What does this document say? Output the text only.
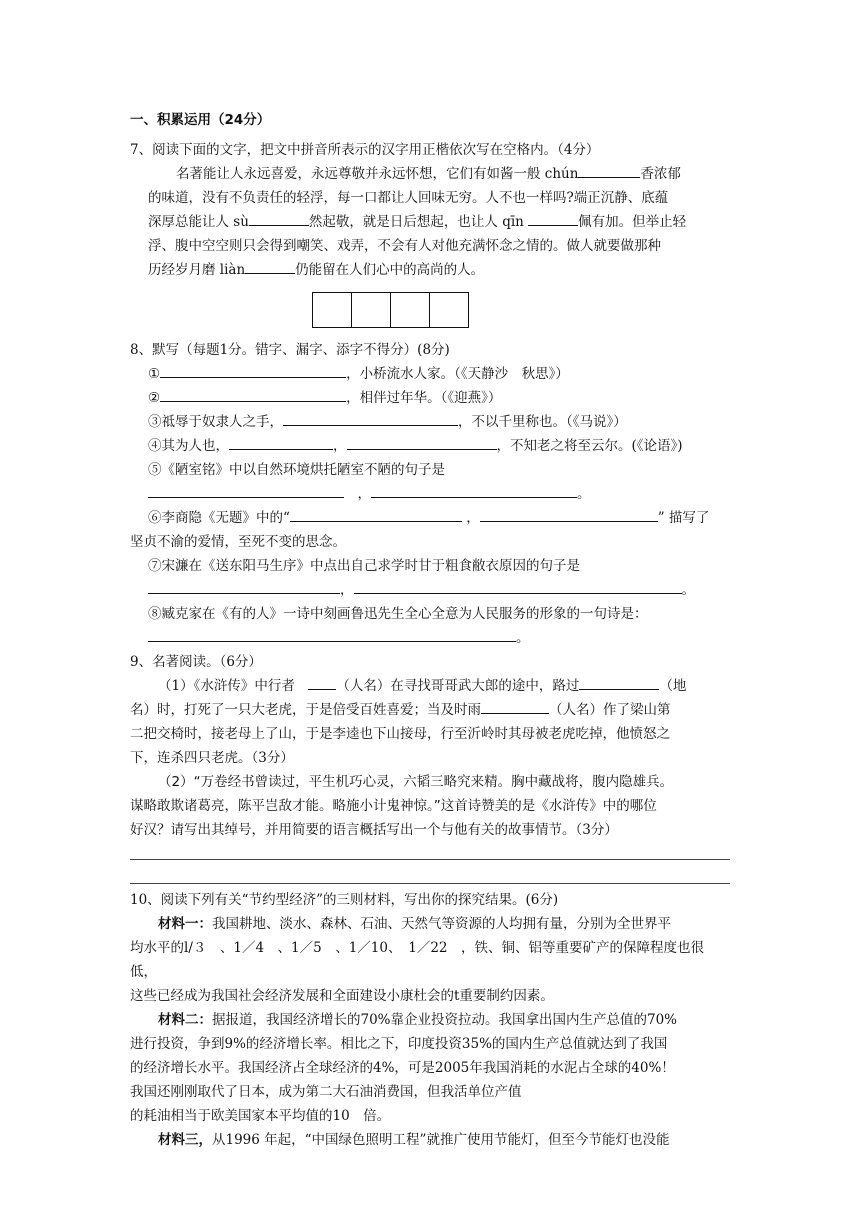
一、积累运用（24分）

7、阅读下面的文字，把文中拼音所表示的汉字用正楷依次写在空格内。（4分）

名著能让人永远喜爱，永远尊敬并永远怀想，它们有如酱一般 chún	香浓郁

的味道，没有不负责任的轻浮，每一口都让人回味无穷。人不也一样吗?端正沉静、底蕴

深厚总能让人 sù	然起敬，就是日后想起，也让人 qīn	佩有加。但举止轻

浮、腹中空空则只会得到嘲笑、戏弄，不会有人对他充满怀念之情的。做人就要做那种

历经岁月磨 liàn	仍能留在人们心中的高尚的人。

8、默写（每题1分。错字、漏字、添字不得分）(8分)

①	，小桥流水人家。（《天静沙　秋思》）

②	，相伴过年华。（《迎燕》）

③祗辱于奴隶人之手，	，不以千里称也。（《马说》）

④其为人也，	，	，不知老之将至云尔。(《论语》)

⑤《陋室铭》中以自然环境烘托陋室不陋的句子是

　，	。

⑥李商隐《无题》中的“	，	” 描写了

坚贞不渝的爱情，至死不变的思念。

⑦宋濂在《送东阳马生序》中点出自己求学时甘于粗食敝衣原因的句子是

，	。

⑧臧克家在《有的人》一诗中刻画鲁迅先生全心全意为人民服务的形象的一句诗是：

。

9、名著阅读。（6分）

（1）《水浒传》中行者　（人名）在寻找哥哥武大郎的途中，路过	（地

名）时，打死了一只大老虎，于是倍受百姓喜爱；当及时雨	（人名）作了梁山第

二把交椅时，接老母上了山，于是李逵也下山接母，行至沂岭时其母被老虎吃掉，他愤怒之

下，连杀四只老虎。（3分）

（2）“万卷经书曾读过，平生机巧心灵，六韬三略究来精。胸中藏战将，腹内隐雄兵。

谋略敢欺诸葛亮，陈平岂敌才能。略施小计鬼神惊。”这首诗赞美的是《水浒传》中的哪位

好汉？请写出其绰号，并用简要的语言概括写出一个与他有关的故事情节。（3分）

10、阅读下列有关“节约型经济”的三则材料，写出你的探究结果。(6分)

材料一：我国耕地、淡水、森林、石油、天然气等资源的人均拥有量，分别为全世界平

均水平的l/３　、1／4　、1／5　、1／10、　1／22　，铁、铜、铝等重要矿产的保障程度也很低，

这些已经成为我国社会经济发展和全面建设小康杜会的t重要制约因素。

材料二：据报道，我国经济增长的70%靠企业投资拉动。我国拿出国内生产总值的70%

进行投资，争到9%的经济增长率。相比之下，印度投资35%的国内生产总值就达到了我国

的经济增长水平。我国经济占全球经济的4%，可是2005年我国消耗的水泥占全球的40%！

我国还刚刚取代了日本，成为第二大石油消费国，但我活单位产值

的耗油相当于欧美国家本平均值的10　倍。

材料三，从1996 年起，“中国绿色照明工程”就推广使用节能灯，但至今节能灯也没能
